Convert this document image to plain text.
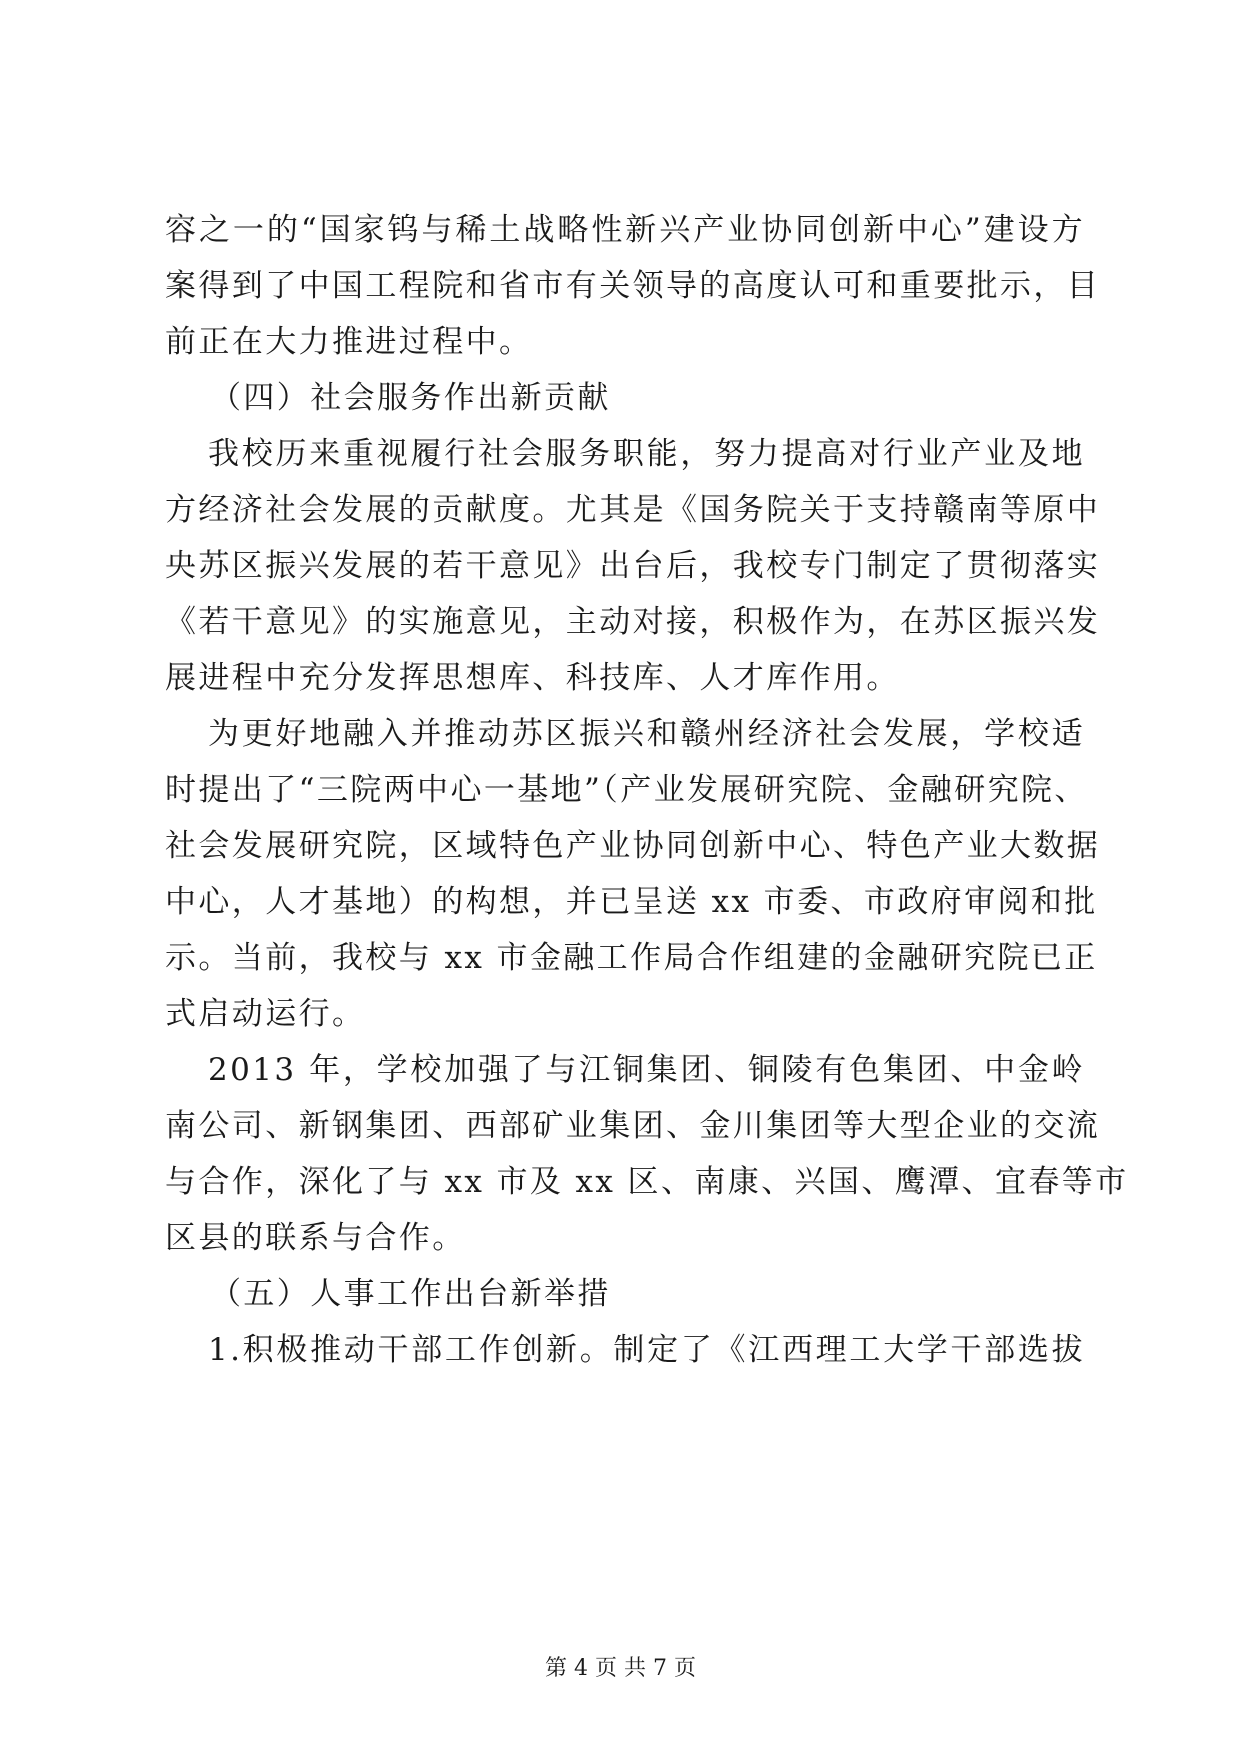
容之一的“国家钨与稀土战略性新兴产业协同创新中心”建设方
案得到了中国工程院和省市有关领导的高度认可和重要批示，目
前正在大力推进过程中。
（四）社会服务作出新贡献
我校历来重视履行社会服务职能，努力提高对行业产业及地
方经济社会发展的贡献度。尤其是《国务院关于支持赣南等原中
央苏区振兴发展的若干意见》出台后，我校专门制定了贯彻落实
《若干意见》的实施意见，主动对接，积极作为，在苏区振兴发
展进程中充分发挥思想库、科技库、人才库作用。
为更好地融入并推动苏区振兴和赣州经济社会发展，学校适
时提出了“三院两中心一基地”（产业发展研究院、金融研究院、
社会发展研究院，区域特色产业协同创新中心、特色产业大数据
中心，人才基地）的构想，并已呈送 xx 市委、市政府审阅和批
示。当前，我校与 xx 市金融工作局合作组建的金融研究院已正
式启动运行。
2013 年，学校加强了与江铜集团、铜陵有色集团、中金岭
南公司、新钢集团、西部矿业集团、金川集团等大型企业的交流
与合作，深化了与 xx 市及 xx 区、南康、兴国、鹰潭、宜春等市
区县的联系与合作。
（五）人事工作出台新举措
1.积极推动干部工作创新。制定了《江西理工大学干部选拔
第 4 页 共 7 页
